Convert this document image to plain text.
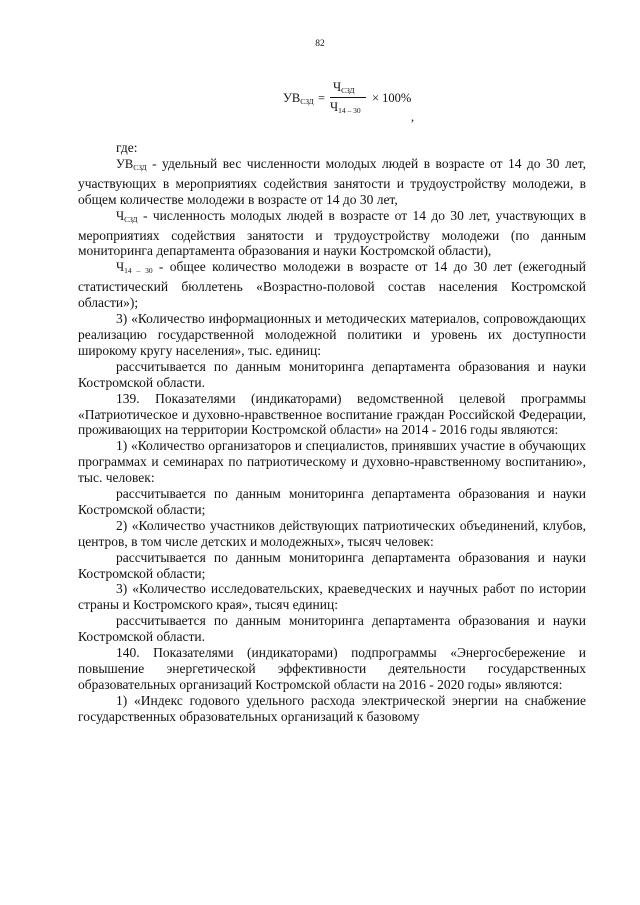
82
$УВ_{СЗД}$ =
$Ч_{СЗД}$
$Ч_{14 - 30}$
× 100%
,

где:

$УВ_{СЗД}$ - удельный вес численности молодых людей в возрасте от 14 до 30 лет, участвующих в мероприятиях содействия занятости и трудоустройству молодежи, в общем количестве молодежи в возрасте от 14 до 30 лет,

$Ч_{СЗД}$ - численность молодых людей в возрасте от 14 до 30 лет, участвующих в мероприятиях содействия занятости и трудоустройству молодежи (по данным мониторинга департамента образования и науки Костромской области),

$Ч_{14 - 30}$ - общее количество молодежи в возрасте от 14 до 30 лет (ежегодный статистический бюллетень «Возрастно-половой состав населения Костромской области»);

3) «Количество информационных и методических материалов, сопровождающих реализацию государственной молодежной политики и уровень их доступности широкому кругу населения», тыс. единиц:

рассчитывается по данным мониторинга департамента образования и науки Костромской области.

139. Показателями (индикаторами) ведомственной целевой программы «Патриотическое и духовно-нравственное воспитание граждан Российской Федерации, проживающих на территории Костромской области» на 2014 - 2016 годы являются:

1) «Количество организаторов и специалистов, принявших участие в обучающих программах и семинарах по патриотическому и духовно-нравственному воспитанию», тыс. человек:

рассчитывается по данным мониторинга департамента образования и науки Костромской области;

2) «Количество участников действующих патриотических объединений, клубов, центров, в том числе детских и молодежных», тысяч человек:

рассчитывается по данным мониторинга департамента образования и науки Костромской области;

3) «Количество исследовательских, краеведческих и научных работ по истории страны и Костромского края», тысяч единиц:

рассчитывается по данным мониторинга департамента образования и науки Костромской области.

140. Показателями (индикаторами) подпрограммы «Энергосбережение и повышение энергетической эффективности деятельности государственных образовательных организаций Костромской области на 2016 - 2020 годы» являются:

1) «Индекс годового удельного расхода электрической энергии на снабжение государственных образовательных организаций к базовому
